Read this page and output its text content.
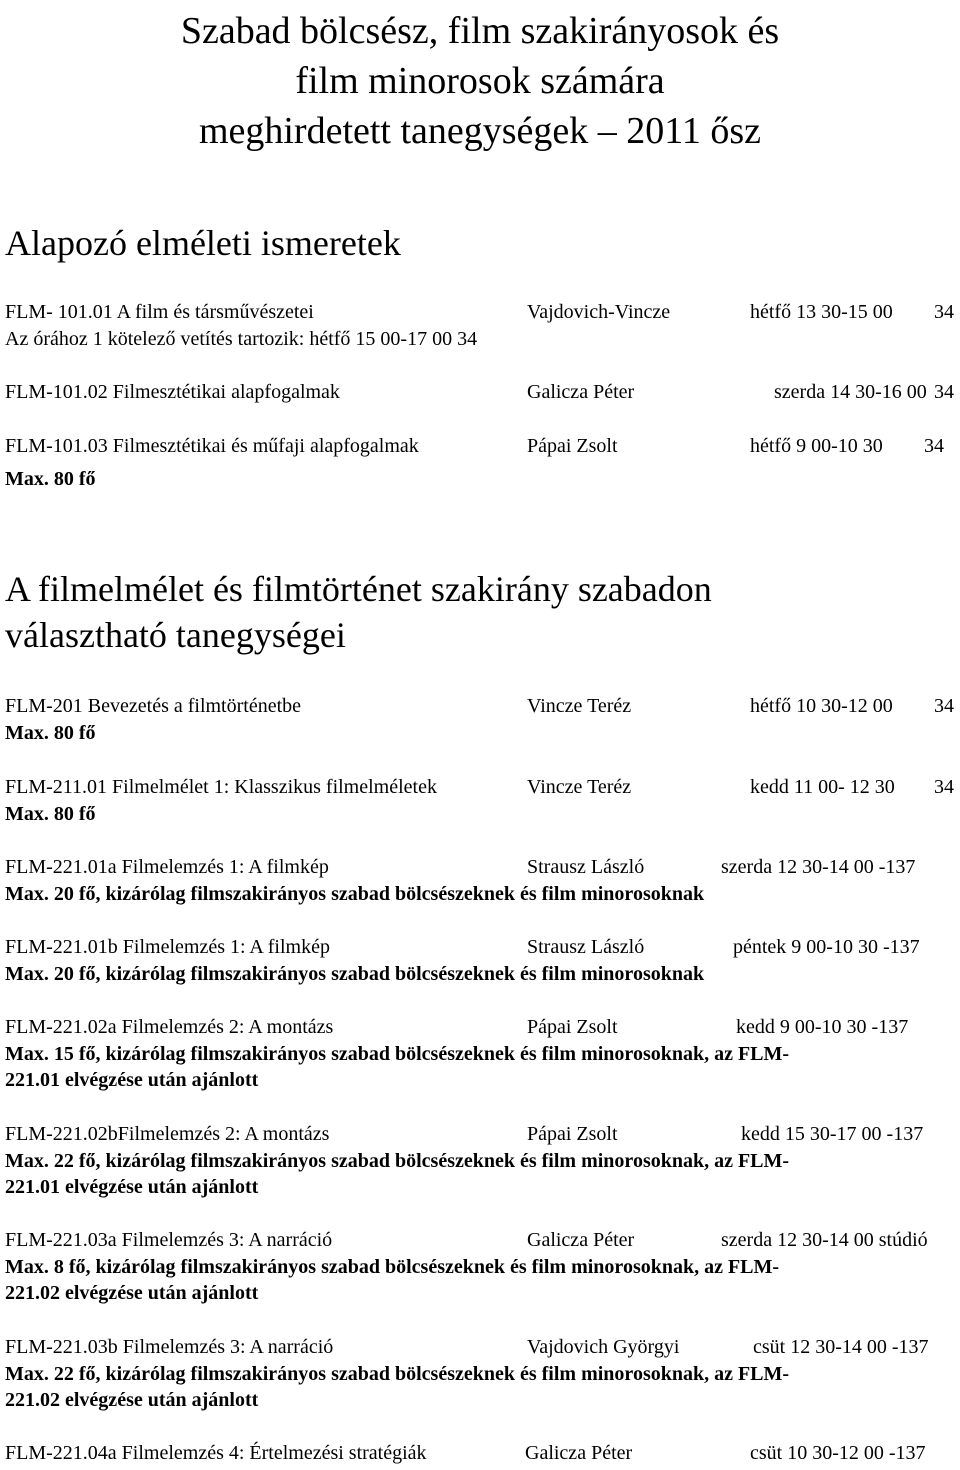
Szabad bölcsész, film szakirányosok és
film minorosok számára
meghirdetett tanegységek – 2011 ősz
Alapozó elméleti ismeretek
FLM- 101.01 A film és társművészetei	Vajdovich-Vincze	hétfő 13 30-15 00 34
Az órához 1 kötelező vetítés tartozik: hétfő 15 00-17 00 34
FLM-101.02 Filmesztétikai alapfogalmak	Galicza Péter	szerda 14 30-16 00 34
FLM-101.03 Filmesztétikai és műfaji alapfogalmak	Pápai Zsolt	hétfő 9 00-10 30 34
Max. 80 fő
A filmelmélet és filmtörténet szakirány szabadon
választható tanegységei
FLM-201 Bevezetés a filmtörténetbe	Vincze Teréz	hétfő 10 30-12 00 34
Max. 80 fő
FLM-211.01 Filmelmélet 1: Klasszikus filmelméletek	Vincze Teréz	kedd 11 00- 12 30 34
Max. 80 fő
FLM-221.01a Filmelemzés 1: A filmkép	Strausz László	szerda 12 30-14 00 -137
Max. 20 fő, kizárólag filmszakirányos szabad bölcsészeknek és film minorosoknak
FLM-221.01b Filmelemzés 1: A filmkép	Strausz László	péntek 9 00-10 30 -137
Max. 20 fő, kizárólag filmszakirányos szabad bölcsészeknek és film minorosoknak
FLM-221.02a Filmelemzés 2: A montázs	Pápai Zsolt	kedd 9 00-10 30 -137
Max. 15 fő, kizárólag filmszakirányos szabad bölcsészeknek és film minorosoknak, az FLM-
221.01 elvégzése után ajánlott
FLM-221.02bFilmelemzés 2: A montázs	Pápai Zsolt	kedd 15 30-17 00 -137
Max. 22 fő, kizárólag filmszakirányos szabad bölcsészeknek és film minorosoknak, az FLM-
221.01 elvégzése után ajánlott
FLM-221.03a Filmelemzés 3: A narráció	Galicza Péter	szerda 12 30-14 00 stúdió
Max. 8 fő, kizárólag filmszakirányos szabad bölcsészeknek és film minorosoknak, az FLM-
221.02 elvégzése után ajánlott
FLM-221.03b Filmelemzés 3: A narráció	Vajdovich Györgyi	csüt 12 30-14 00 -137
Max. 22 fő, kizárólag filmszakirányos szabad bölcsészeknek és film minorosoknak, az FLM-
221.02 elvégzése után ajánlott
FLM-221.04a Filmelemzés 4: Értelmezési stratégiák	Galicza Péter	csüt 10 30-12 00 -137
